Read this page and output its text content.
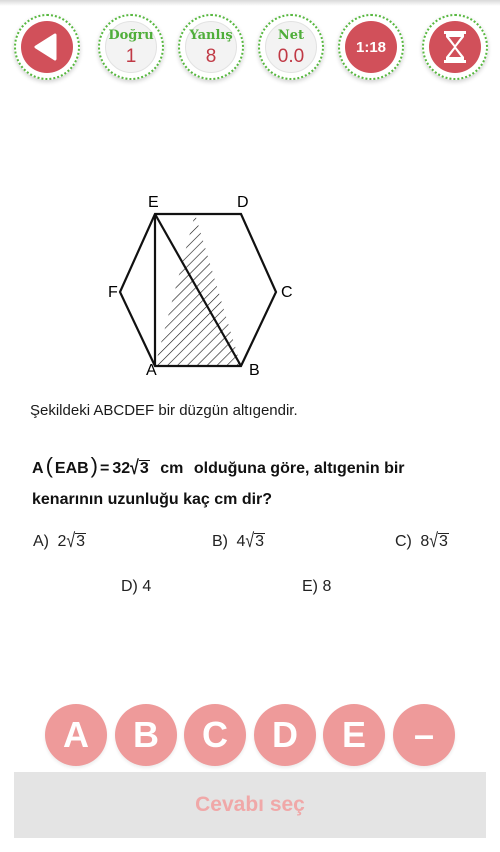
Doğru
1
Yanlış
8
Net
0.0	1:18
A	B
C
D
E
F
Şekildeki ABCDEF bir düzgün altıgendir.
A( EAB) = 32√3 cm olduğuna göre, altıgenin bir
kenarının uzunluğu kaç cm dir?
A) 2√3	B) 4√3	C) 8√3
D) 4	E) 8
A	B	C	D	E	–
Cevabı seç
